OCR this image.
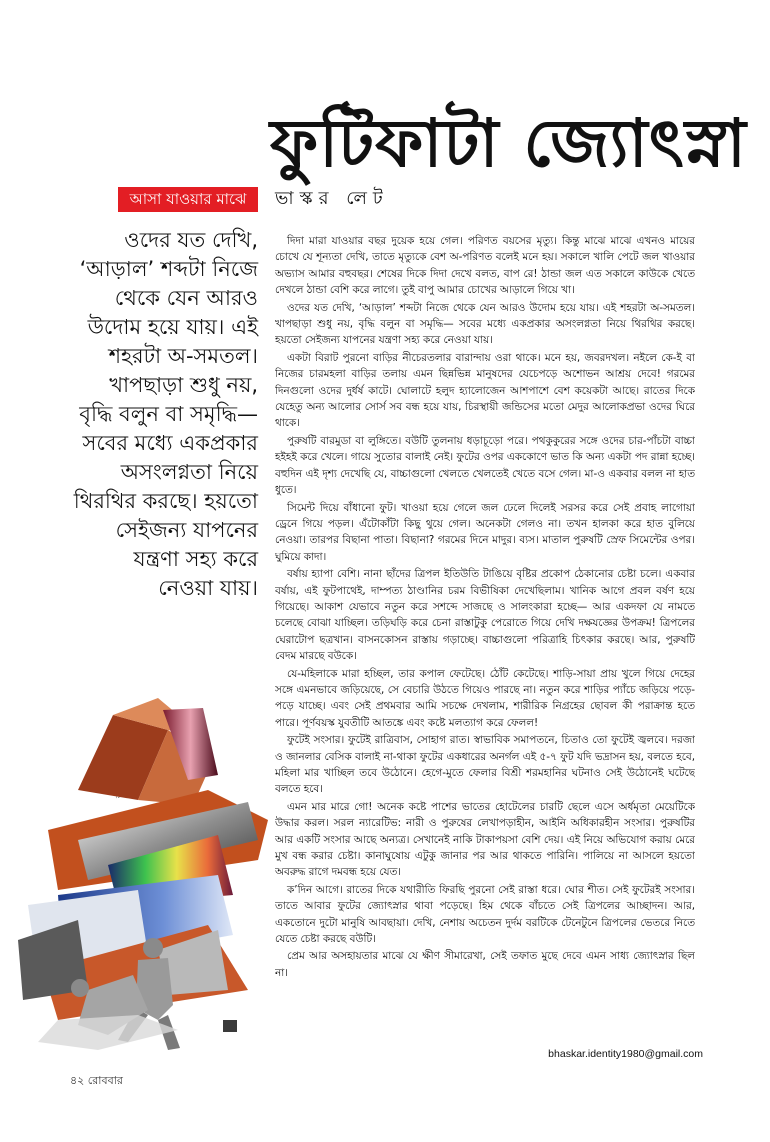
ফুটিফাটা জ্যোৎস্না
আসা যাওয়ার মাঝে	ভাস্কর লেট
ওদের যত দেখি, ‘আড়াল’ শব্দটা নিজে থেকে যেন আরও উদোম হয়ে যায়। এই শহরটা অ-সমতল। খাপছাড়া শুধু নয়, বৃদ্ধি বলুন বা সমৃদ্ধি— সবের মধ্যে একপ্রকার অসংলগ্নতা নিয়ে থিরথির করছে। হয়তো সেইজন্য যাপনের যন্ত্রণা সহ্য করে নেওয়া যায়।

দিদা মারা যাওয়ার বছর দুয়েক হয়ে গেল। পরিণত বয়সের মৃত্যু। কিন্তু মাঝে মাঝে এখনও মায়ের চোখে যে শূন্যতা দেখি, তাতে মৃত্যুকে বেশ অ-পরিণত বলেই মনে হয়। সকালে খালি পেটে জল খাওয়ার অভ্যাস আমার বহুবছর। শেষের দিকে দিদা দেখে বলত, বাপ রে! ঠান্ডা জল এত সকালে কাউকে খেতে দেখলে ঠান্ডা বেশি করে লাগে। তুই বাপু আমার চোখের আড়ালে গিয়ে খা।

ওদের যত দেখি, ‘আড়াল’ শব্দটা নিজে থেকে যেন আরও উদোম হয়ে যায়। এই শহরটা অ-সমতল। খাপছাড়া শুধু নয়, বৃদ্ধি বলুন বা সমৃদ্ধি— সবের মধ্যে একপ্রকার অসংলগ্নতা নিয়ে থিরথির করছে। হয়তো সেইজন্য যাপনের যন্ত্রণা সহ্য করে নেওয়া যায়।

একটা বিরাট পুরনো বাড়ির নীচেরতলার বারান্দায় ওরা থাকে। মনে হয়, জবরদখল। নইলে কে-ই বা নিজের চারমহলা বাড়ির তলায় এমন ছিন্নভিন্ন মানুষদের যেচেপড়ে অশোভন আশ্রয় দেবে! গরমের দিনগুলো ওদের দুর্ধর্ষ কাটে। ঘোলাটে হলুদ হ্যালোজেন আশপাশে বেশ কয়েকটা আছে। রাতের দিকে যেহেতু অন্য আলোর সোর্স সব বন্ধ হয়ে যায়, চিরস্থায়ী জন্ডিসের মতো মেদুর আলোকপ্রভা ওদের ঘিরে থাকে।

পুরুষটি বারমুডা বা লুঙ্গিতে। বউটি তুলনায় ধড়াচূড়ো পরে। পথকুকুরের সঙ্গে ওদের চার-পাঁচটা বাচ্চা হইহই করে খেলে। গায়ে সুতোর বালাই নেই। ফুটের ওপর এককোণে ভাত কি অন্য একটা পদ রান্না হচ্ছে। বহুদিন এই দৃশ্য দেখেছি যে, বাচ্চাগুলো খেলতে খেলতেই খেতে বসে গেল। মা-ও একবার বলল না হাত ধুতে।

সিমেন্ট দিয়ে বাঁধানো ফুট। খাওয়া হয়ে গেলে জল ঢেলে দিলেই সরসর করে সেই প্রবাহ লাগোয়া ড্রেনে গিয়ে পড়ল। এঁটোকাঁটা কিছু থুয়ে গেল। অনেকটা গেলও না। তখন হালকা করে হাত বুলিয়ে নেওয়া। তারপর বিছানা পাতা। বিছানা? গরমের দিনে মাদুর। ব্যস। মাতাল পুরুষটি স্রেফ সিমেন্টের ওপর। ঘুমিয়ে কাদা।

বর্ষায় হ্যাপা বেশি। নানা ছাঁদের ত্রিপল ইতিউতি টাঙিয়ে বৃষ্টির প্রকোপ ঠেকানোর চেষ্টা চলে। একবার বর্ষায়, এই ফুটপাথেই, দাম্পত্য ঠাণ্ডানির চরম বিভীষিকা দেখেছিলাম। খানিক আগে প্রবল বর্ষণ হয়ে গিয়েছে। আকাশ যেভাবে নতুন করে সশব্দে সাজছে ও সালংকারা হচ্ছে— আর একদফা যে নামতে চলেছে বোঝা যাচ্ছিল। তড়িঘড়ি করে চেনা রাস্তাটুকু পেরোতে গিয়ে দেখি দক্ষযজ্ঞের উপক্রম! ত্রিপলের ঘেরাটোপ ছত্রখান। বাসনকোসন রাস্তায় গড়াচ্ছে। বাচ্চাগুলো পরিত্রাহি চিৎকার করছে। আর, পুরুষটি বেদম মারছে বউকে।

যে-মহিলাকে মারা হচ্ছিল, তার কপাল ফেটেছে। ঠোঁট কেটেছে। শাড়ি-সায়া প্রায় খুলে গিয়ে দেহের সঙ্গে এমনভাবে জড়িয়েছে, সে বেচারি উঠতে গিয়েও পারছে না। নতুন করে শাড়ির প্যাঁচে জড়িয়ে পড়ে-পড়ে যাচ্ছে। এবং সেই প্রথমবার আমি সচক্ষে দেখলাম, শারীরিক নিগ্রহের ছোবল কী পরাক্রান্ত হতে পারে। পূর্ণবয়স্ক যুবতীটি আতঙ্কে এবং কষ্টে মলত্যাগ করে ফেলল!

ফুটেই সংসার। ফুটেই রাত্রিবাস, সোহাগ রাত। স্বাভাবিক সমাপতনে, চিতাও তো ফুটেই জ্বলবে। দরজা ও জানলার বেসিক বালাই না-থাকা ফুটের একধারের অনর্গল এই ৫-৭ ফুট যদি ভদ্রাসন হয়, বলতে হবে, মহিলা মার খাচ্ছিল তবে উঠোনে। হেগে-মুতে ফেলার বিশ্রী শরমহানির ঘটনাও সেই উঠোনেই ঘটেছে বলতে হবে।

এমন মার মারে গো! অনেক কষ্টে পাশের ভাতের হোটেলের চারটি ছেলে এসে অর্ধমৃতা মেয়েটিকে উদ্ধার করল। সরল ন্যারেটিভ: নারী ও পুরুষের লেখাপড়াহীন, আইনি অধিকারহীন সংসার। পুরুষটির আর একটি সংসার আছে অন্যত্র। সেখানেই নাকি টাকাপয়সা বেশি দেয়। এই নিয়ে অভিযোগ করায় মেরে মুখ বন্ধ করার চেষ্টা। কানাঘুষোয় এটুকু জানার পর আর থাকতে পারিনি। পালিয়ে না আসলে হয়তো অবরুদ্ধ রাগে দমবন্ধ হয়ে যেত।

ক’দিন আগে। রাতের দিকে যথারীতি ফিরছি পুরনো সেই রাস্তা ধরে। ঘোর শীত। সেই ফুটেরই সংসার। তাতে আবার ফুটের জ্যোৎস্নার থাবা পড়েছে। হিম থেকে বাঁচতে সেই ত্রিপলের আচ্ছাদন। আর, একতোনে দুটো মানুষি আবছায়া। দেখি, নেশায় অচেতন দুর্দম বরটিকে টেনেটুনে ত্রিপলের ভেতরে নিতে যেতে চেষ্টা করছে বউটি।

প্রেম আর অসহায়তার মাঝে যে ক্ষীণ সীমারেখা, সেই তফাত মুছে দেবে এমন সাধ্য জ্যোৎস্নার ছিল না।

bhaskar.identity1980@gmail.com
৪২ রোববার
